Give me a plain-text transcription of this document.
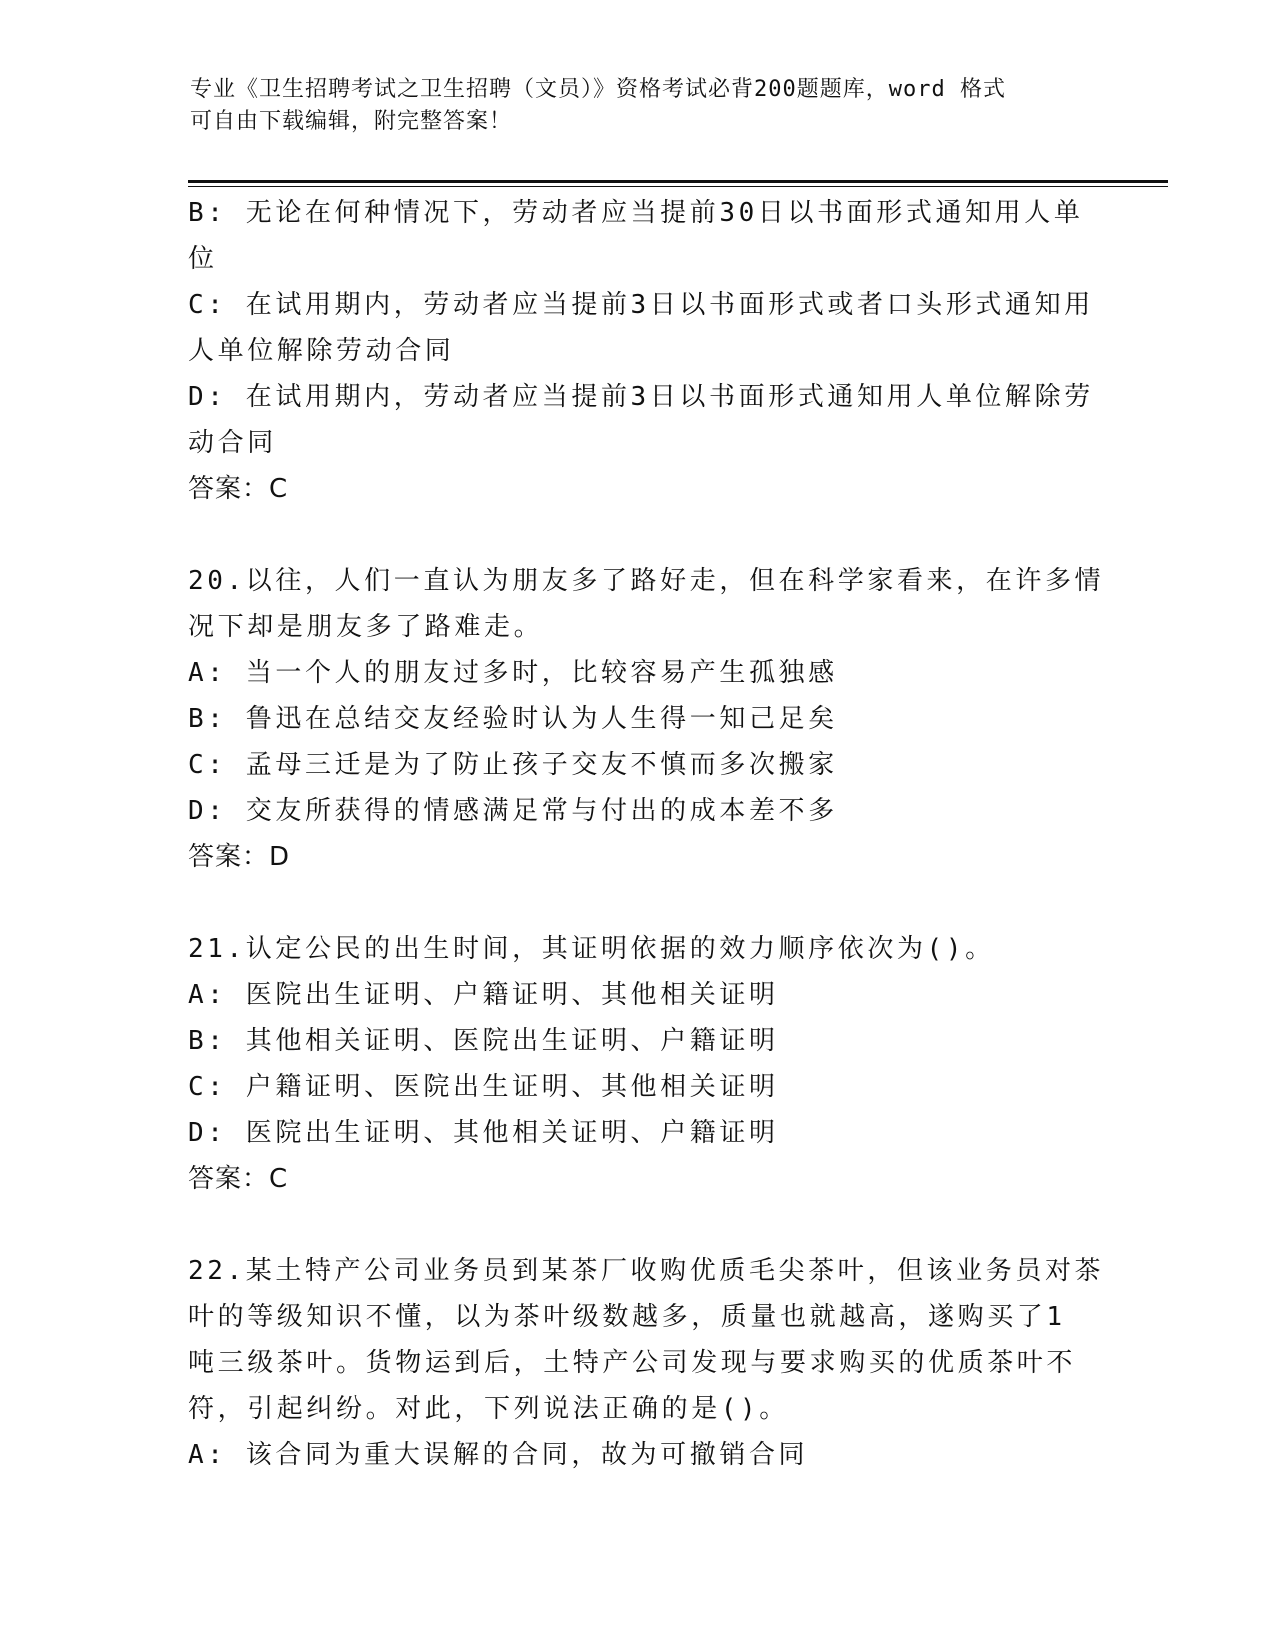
专业《卫生招聘考试之卫生招聘（文员）》资格考试必背200题题库，word 格式
可自由下载编辑，附完整答案！
B: 无论在何种情况下，劳动者应当提前30日以书面形式通知用人单
位
C: 在试用期内，劳动者应当提前3日以书面形式或者口头形式通知用
人单位解除劳动合同
D: 在试用期内，劳动者应当提前3日以书面形式通知用人单位解除劳
动合同
答案：C
20.以往，人们一直认为朋友多了路好走，但在科学家看来，在许多情
况下却是朋友多了路难走。
A: 当一个人的朋友过多时，比较容易产生孤独感
B: 鲁迅在总结交友经验时认为人生得一知己足矣
C: 孟母三迁是为了防止孩子交友不慎而多次搬家
D: 交友所获得的情感满足常与付出的成本差不多
答案：D
21.认定公民的出生时间，其证明依据的效力顺序依次为()。
A: 医院出生证明、户籍证明、其他相关证明
B: 其他相关证明、医院出生证明、户籍证明
C: 户籍证明、医院出生证明、其他相关证明
D: 医院出生证明、其他相关证明、户籍证明
答案：C
22.某土特产公司业务员到某茶厂收购优质毛尖茶叶，但该业务员对茶
叶的等级知识不懂，以为茶叶级数越多，质量也就越高，遂购买了1
吨三级茶叶。货物运到后，土特产公司发现与要求购买的优质茶叶不
符，引起纠纷。对此，下列说法正确的是()。
A: 该合同为重大误解的合同，故为可撤销合同
